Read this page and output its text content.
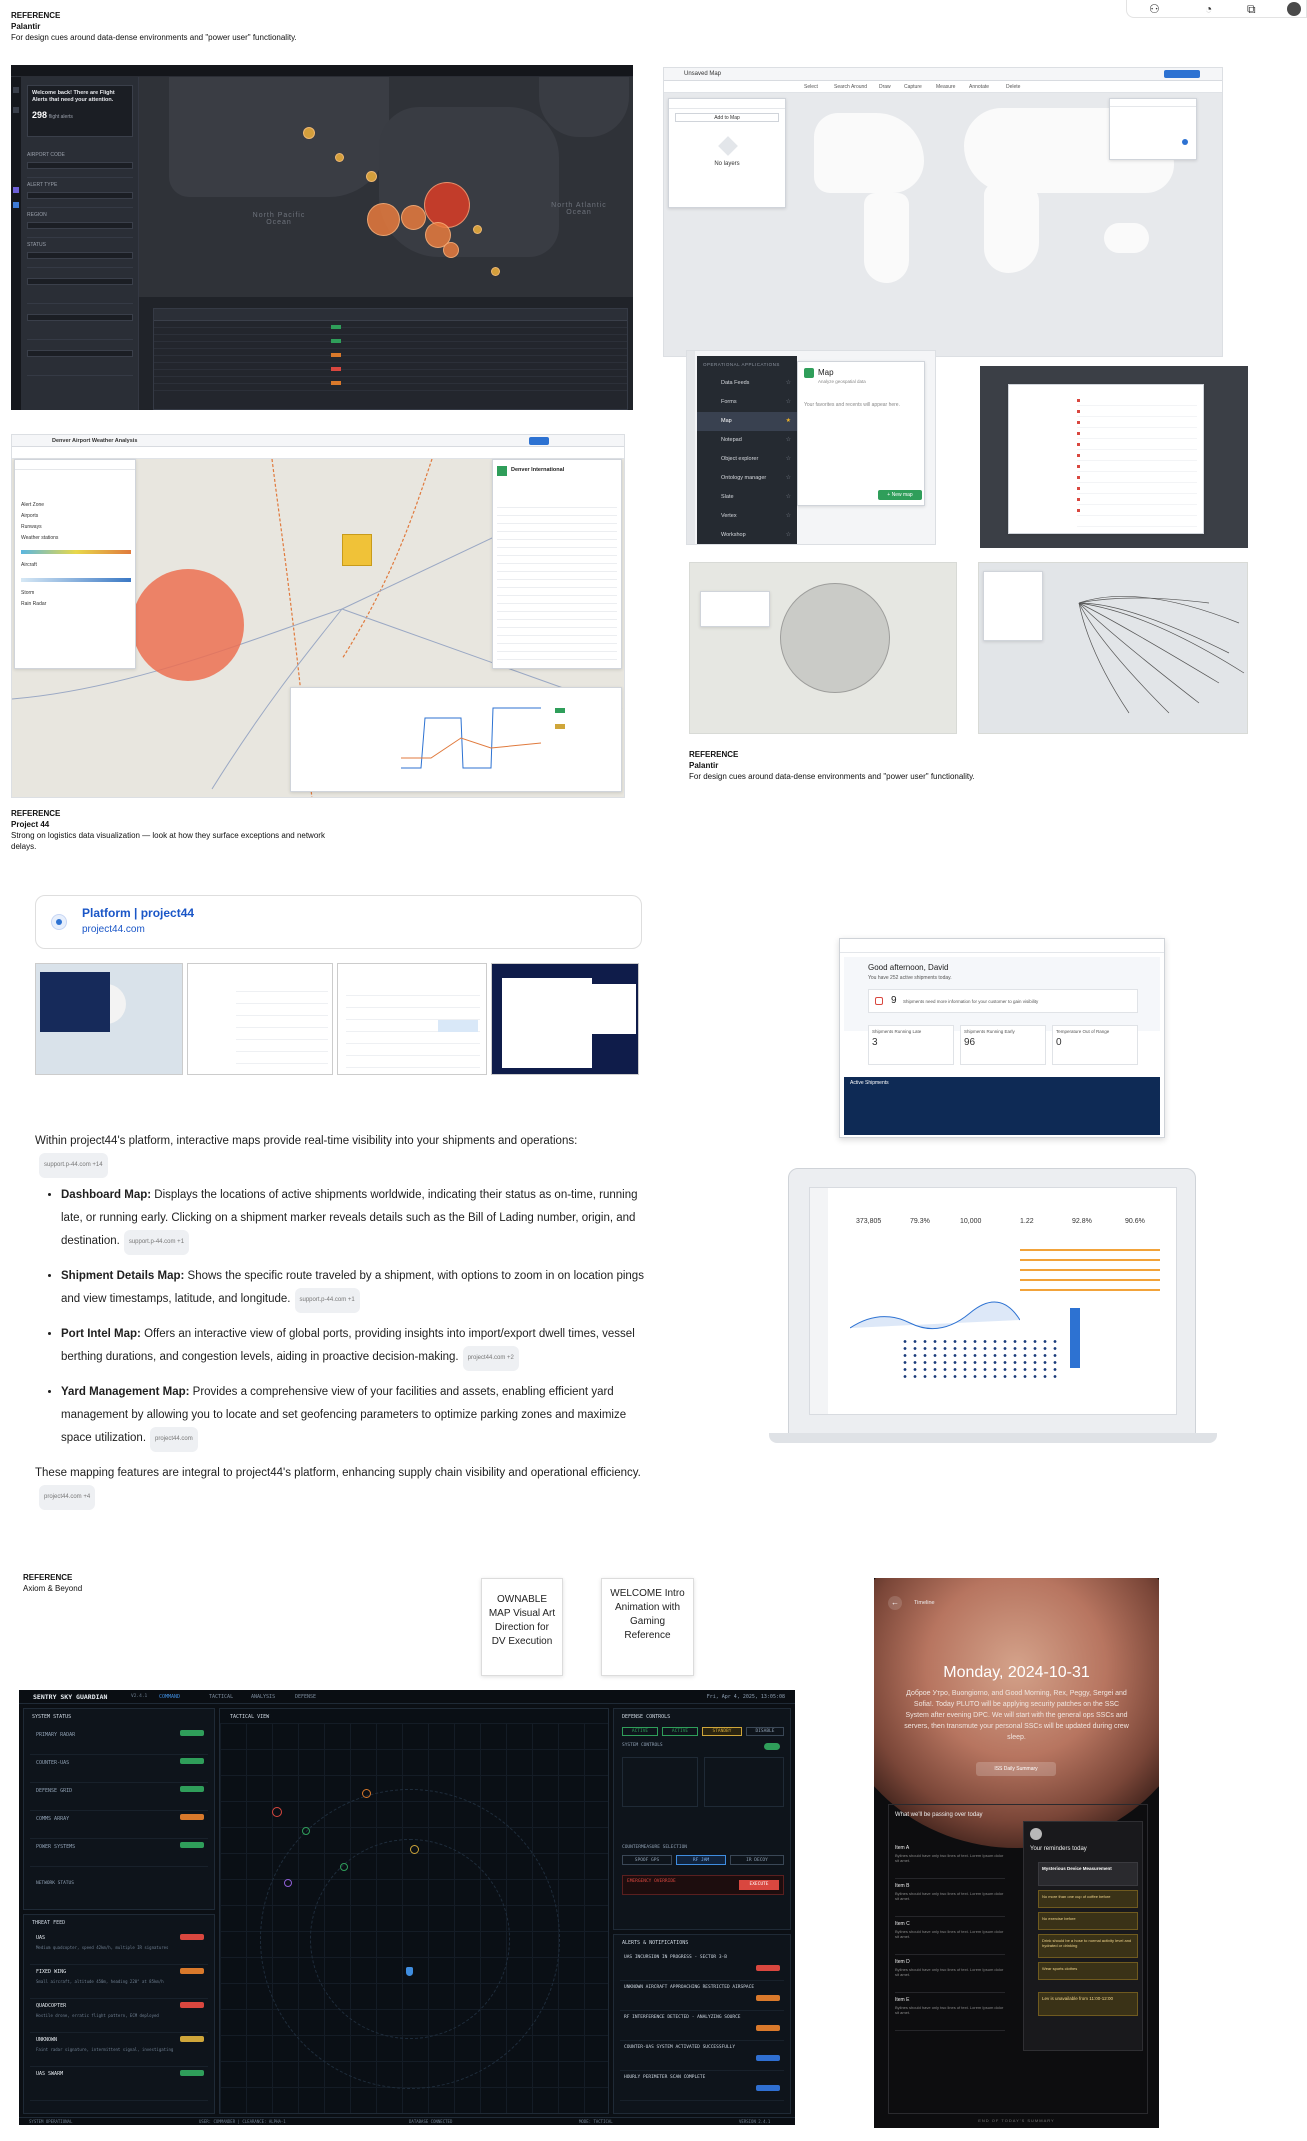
⚇	◔	⧉
REFERENCE
Palantir
For design cues around data-dense environments and "power user" functionality.
Welcome back! There are Flight Alerts that need your attention.
298 flight alerts
AIRPORT CODE
ALERT TYPE
REGION
STATUS
North Pacific Ocean
North Atlantic Ocean
Unsaved Map
Select	Search Around Draw	Capture	Measure	Annotate	Delete
Add to Map
No layers
Denver Airport Weather Analysis
Alert Zone
Airports
Runways
Weather stations
Aircraft
Storm
Rain Radar
Denver International
REFERENCE
Project 44
Strong on logistics data visualization — look at how they surface exceptions and network delays.
OPERATIONAL APPLICATIONS
Data Feeds	☆
Forms	☆
Map	★
Notepad	☆
Object explorer	☆
Ontology manager	☆
Slate	☆
Vertex	☆
Workshop	☆
Map
Analyze geospatial data
Your favorites and recents will appear here.
+ New map
REFERENCE
Palantir
For design cues around data-dense environments and "power user" functionality.
Platform | project44
project44.com

Within project44's platform, interactive maps provide real-time visibility into your shipments and operations:support.p-44.com +14

• Dashboard Map: Displays the locations of active shipments worldwide, indicating their status as on-time, running late, or running early. Clicking on a shipment marker reveals details such as the Bill of Lading number, origin, and destination. support.p-44.com +1
• Shipment Details Map: Shows the specific route traveled by a shipment, with options to zoom in on location pings and view timestamps, latitude, and longitude. support.p-44.com +1
• Port Intel Map: Offers an interactive view of global ports, providing insights into import/export dwell times, vessel berthing durations, and congestion levels, aiding in proactive decision-making. project44.com +2
• Yard Management Map: Provides a comprehensive view of your facilities and assets, enabling efficient yard management by allowing you to locate and set geofencing parameters to optimize parking zones and maximize space utilization. project44.com

These mapping features are integral to project44's platform, enhancing supply chain visibility and operational efficiency.project44.com +4

Good afternoon, David
You have 252 active shipments today.
9 Shipments need more information for your customer to gain visibility
Shipments Running Late
3
Shipments Running Early
96
Temperature Out of Range
0
Active Shipments
373,805	79.3%	10,000	1.22	92.8%	90.6%
REFERENCE
Axiom & Beyond
OWNABLE MAP Visual Art Direction for DV Execution
WELCOME Intro Animation with Gaming Reference
SENTRY SKY GUARDIAN	V2.4.1 COMMAND	TACTICAL	ANALYSIS	DEFENSE	Fri, Apr 4, 2025, 13:05:08
SYSTEM STATUS
PRIMARY RADAR
COUNTER-UAS
DEFENSE GRID
COMMS ARRAY
POWER SYSTEMS
NETWORK STATUS
THREAT FEED
UAS
Medium quadcopter, speed 42km/h, multiple IR signatures
FIXED WING
Small aircraft, altitude 450m, heading 220° at 85km/h
QUADCOPTER
Hostile drone, erratic flight pattern, ECM deployed
UNKNOWN
Faint radar signature, intermittent signal, investigating
UAS SWARM
TACTICAL VIEW	DEFENSE CONTROLS
ACTIVE	ACTIVE	STANDBY	DISABLE
SYSTEM CONTROLS
COUNTERMEASURE SELECTION
SPOOF GPS	RF JAM	IR DECOY
EMERGENCY OVERRIDE
EXECUTE
ALERTS & NOTIFICATIONS
UAS INCURSION IN PROGRESS - SECTOR 3-B
UNKNOWN AIRCRAFT APPROACHING RESTRICTED AIRSPACE
RF INTERFERENCE DETECTED - ANALYZING SOURCE
COUNTER-UAS SYSTEM ACTIVATED SUCCESSFULLY
HOURLY PERIMETER SCAN COMPLETE
SYSTEM OPERATIONAL	USER: COMMANDER | CLEARANCE: ALPHA-1	DATABASE CONNECTED	MODE: TACTICAL	VERSION 2.4.1
←	Timeline
Monday, 2024-10-31
Доброе Утро, Buongiorno, and Good Morning, Rex, Peggy, Sergei and Sofia!. Today PLUTO will be applying security patches on the SSC System after evening DPC. We will start with the general ops SSCs and servers, then transmute your personal SSCs will be updated during crew sleep.
ISS Daily Summary
What we'll be passing over today
Item A
Bylines should have only two lines of text. Lorem Ipsum dolor sit amet.
Item B
Bylines should have only two lines of text. Lorem Ipsum dolor sit amet.
Item C
Bylines should have only two lines of text. Lorem Ipsum dolor sit amet.
Item D
Bylines should have only two lines of text. Lorem Ipsum dolor sit amet.
Item E
Bylines should have only two lines of text. Lorem Ipsum dolor sit amet.
Your reminders today
Mysterious Device Measurement
No more than one cup of coffee before
No exercise before
Drink should be a hose to normal activity level and hydrated or drinking
Wear sports clothes
Lev is unavailable from 11:00-12:00
END OF TODAY'S SUMMARY
